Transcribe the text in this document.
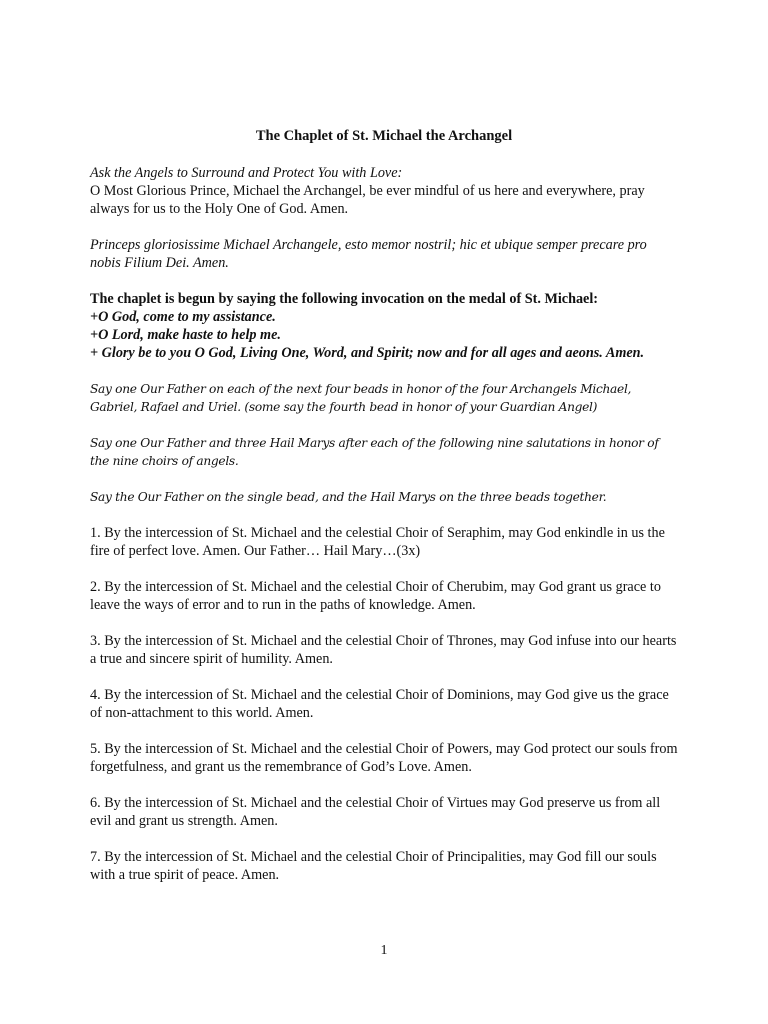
The Chaplet of St. Michael the Archangel

Ask the Angels to Surround and Protect You with Love:

O Most Glorious Prince, Michael the Archangel, be ever mindful of us here and everywhere, pray always for us to the Holy One of God. Amen.

Princeps gloriosissime Michael Archangele, esto memor nostril; hic et ubique semper precare pro nobis Filium Dei. Amen.

The chaplet is begun by saying the following invocation on the medal of St. Michael:

+O God, come to my assistance.

+O Lord, make haste to help me.

+ Glory be to you O God, Living One, Word, and Spirit; now and for all ages and aeons. Amen.

Say one Our Father on each of the next four beads in honor of the four Archangels Michael, Gabriel, Rafael and Uriel. (some say the fourth bead in honor of your Guardian Angel)

Say one Our Father and three Hail Marys after each of the following nine salutations in honor of the nine choirs of angels.

Say the Our Father on the single bead, and the Hail Marys on the three beads together.

1. By the intercession of St. Michael and the celestial Choir of Seraphim, may God enkindle in us the fire of perfect love. Amen. Our Father… Hail Mary…(3x)

2. By the intercession of St. Michael and the celestial Choir of Cherubim, may God grant us grace to leave the ways of error and to run in the paths of knowledge. Amen.

3. By the intercession of St. Michael and the celestial Choir of Thrones, may God infuse into our hearts a true and sincere spirit of humility. Amen.

4. By the intercession of St. Michael and the celestial Choir of Dominions, may God give us the grace of non-attachment to this world. Amen.

5. By the intercession of St. Michael and the celestial Choir of Powers, may God protect our souls from forgetfulness, and grant us the remembrance of God’s Love. Amen.

6. By the intercession of St. Michael and the celestial Choir of Virtues may God preserve us from all evil and grant us strength. Amen.

7. By the intercession of St. Michael and the celestial Choir of Principalities, may God fill our souls with a true spirit of peace. Amen.

1
